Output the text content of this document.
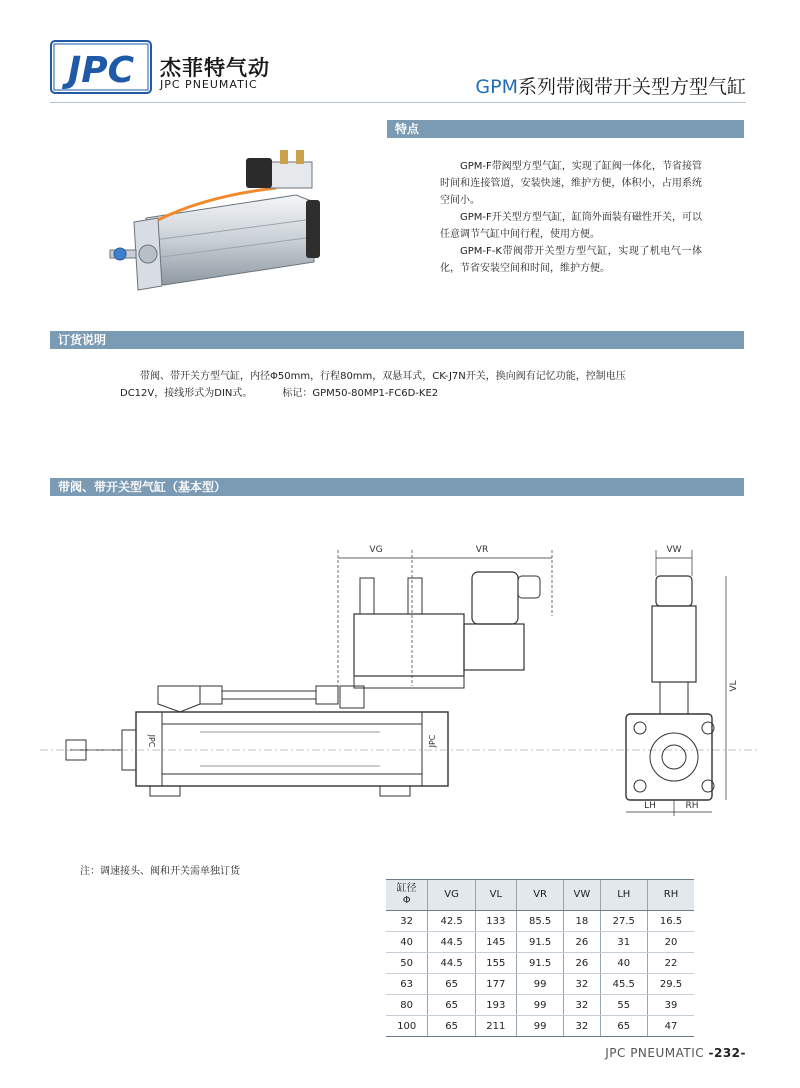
JPC 杰菲特气动
JPC PNEUMATIC	GPM系列带阀带开关型方型气缸
特点

GPM-F带阀型方型气缸，实现了缸阀一体化，节省接管时间和连接管道，安装快速，维护方便，体积小，占用系统空间小。

GPM-F开关型方型气缸，缸筒外面装有磁性开关，可以任意调节气缸中间行程，使用方便。

GPM-F-K带阀带开关型方型气缸，实现了机电气一体化，节省安装空间和时间，维护方便。

订货说明

带阀、带开关方型气缸，内径Φ50mm，行程80mm，双悬耳式，CK-J7N开关，换向阀有记忆功能，控制电压DC12V，接线形式为DIN式。	标记：GPM50-80MP1-FC6D-KE2

带阀、带开关型气缸（基本型）
VG	VR
JPC	JPC
VW
VL
LH	RH
注：调速接头、阀和开关需单独订货
缸径
Φ	VG	VL	VR	VW	LH	RH
32	42.5	133	85.5	18	27.5	16.5
40	44.5	145	91.5	26	31	20
50	44.5	155	91.5	26	40	22
63	65	177	99	32	45.5	29.5
80	65	193	99	32	55	39
100	65	211	99	32	65	47
JPC PNEUMATIC -232-
